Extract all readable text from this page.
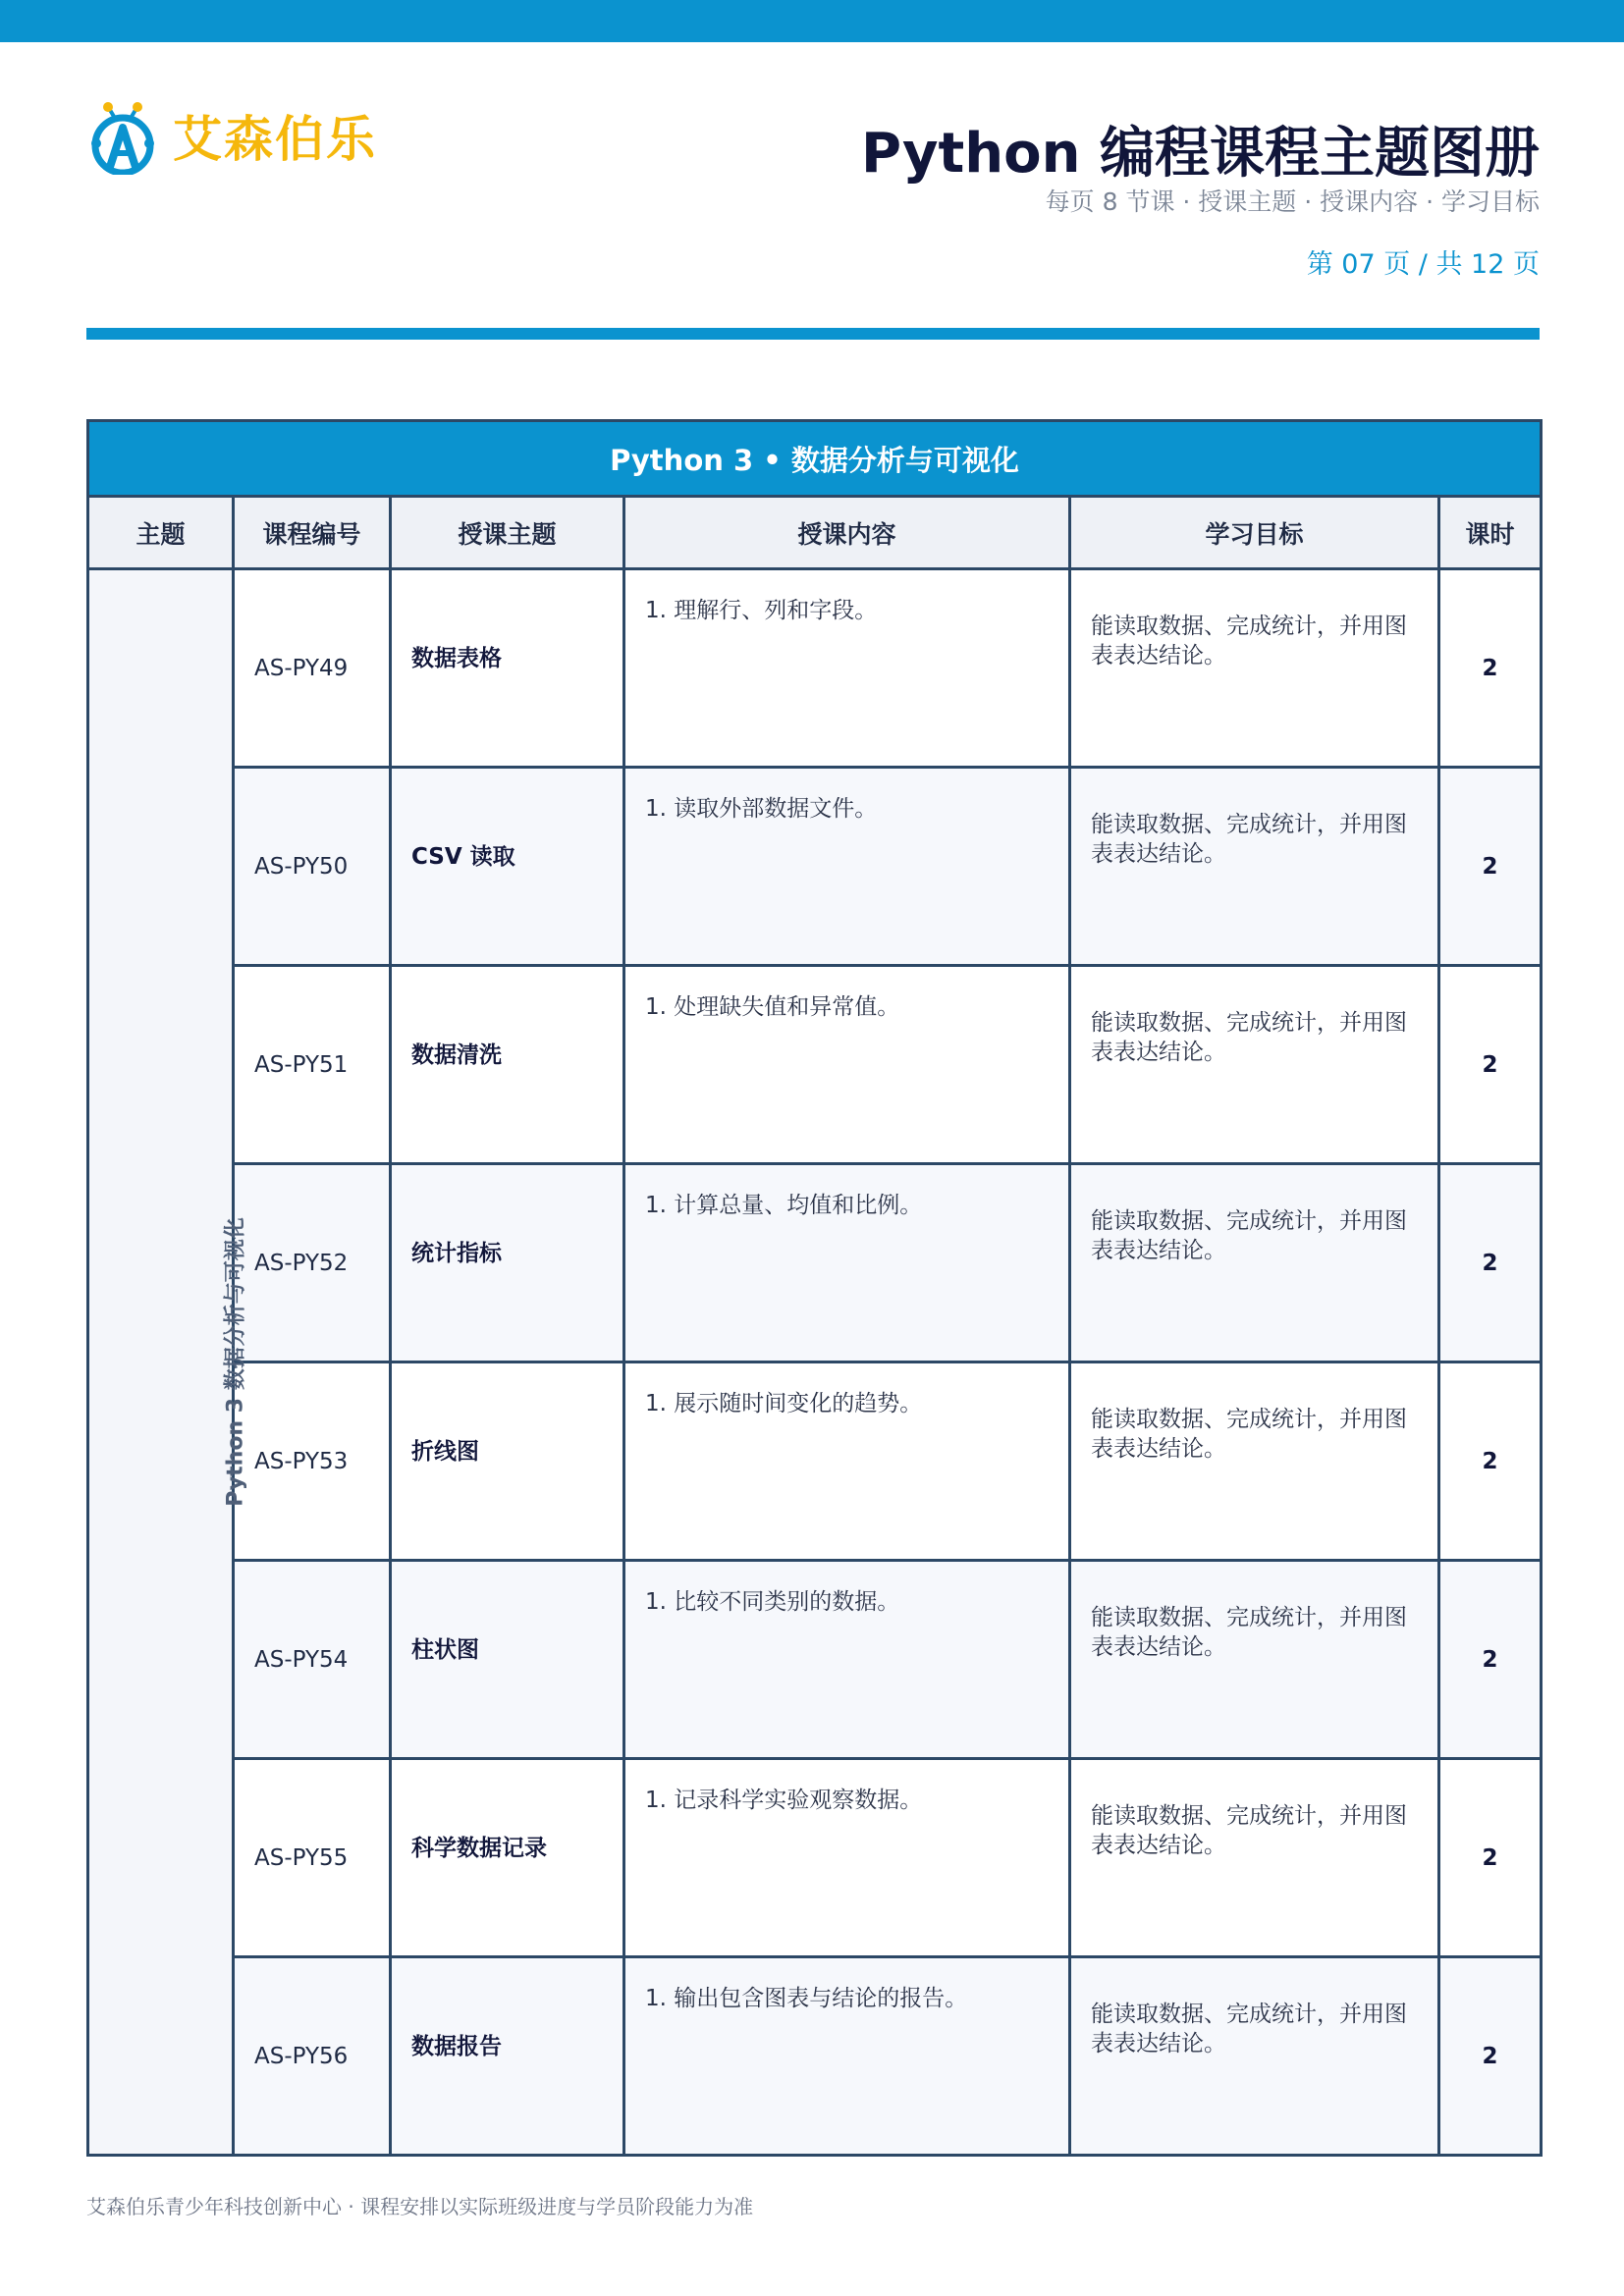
艾森伯乐	Python 编程课程主题图册
每页 8 节课 · 授课主题 · 授课内容 · 学习目标
第 07 页 / 共 12 页
Python 3 • 数据分析与可视化					
主题	课程编号	授课主题	授课内容	学习目标	课时
Python 3 数据分析与可视化	AS-PY49	数据表格	1. 理解行、列和字段。	能读取数据、完成统计，并用图表表达结论。	2
	AS-PY50	CSV 读取	1. 读取外部数据文件。	能读取数据、完成统计，并用图表表达结论。	2
	AS-PY51	数据清洗	1. 处理缺失值和异常值。	能读取数据、完成统计，并用图表表达结论。	2
	AS-PY52	统计指标	1. 计算总量、均值和比例。	能读取数据、完成统计，并用图表表达结论。	2
	AS-PY53	折线图	1. 展示随时间变化的趋势。	能读取数据、完成统计，并用图表表达结论。	2
	AS-PY54	柱状图	1. 比较不同类别的数据。	能读取数据、完成统计，并用图表表达结论。	2
	AS-PY55	科学数据记录	1. 记录科学实验观察数据。	能读取数据、完成统计，并用图表表达结论。	2
	AS-PY56	数据报告	1. 输出包含图表与结论的报告。	能读取数据、完成统计，并用图表表达结论。	2
艾森伯乐青少年科技创新中心 · 课程安排以实际班级进度与学员阶段能力为准
